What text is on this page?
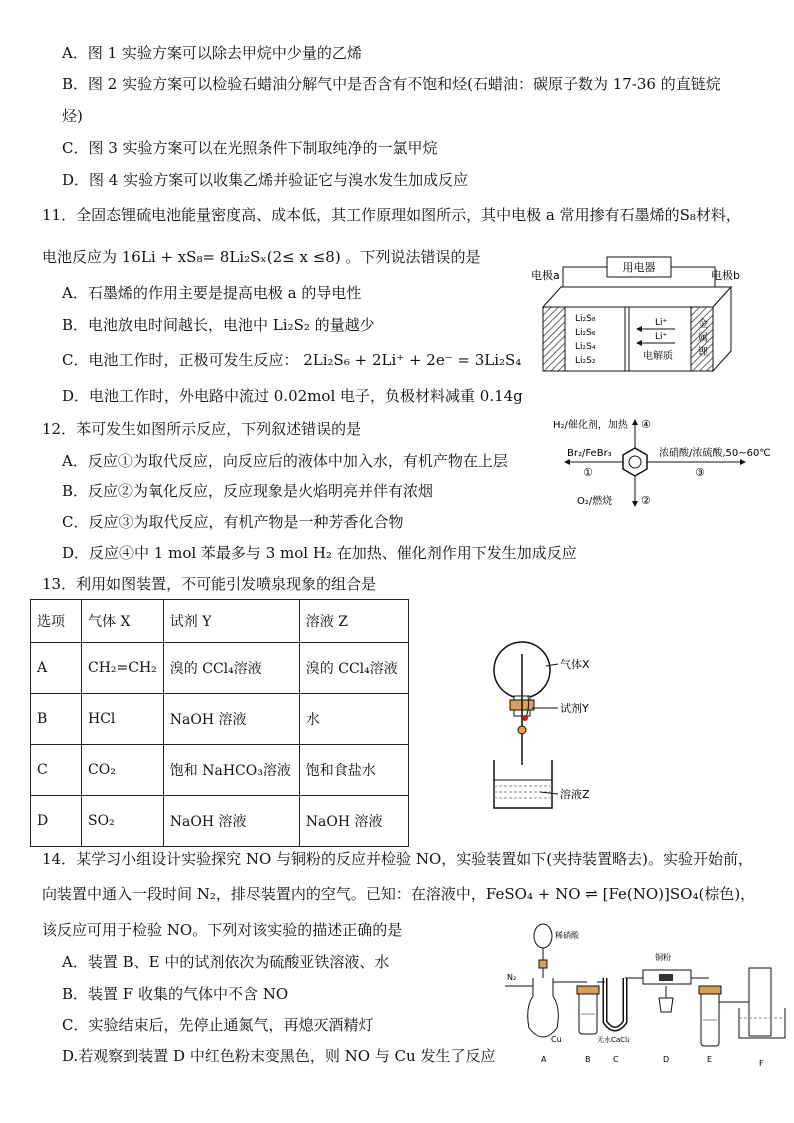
A．图 1 实验方案可以除去甲烷中少量的乙烯
B．图 2 实验方案可以检验石蜡油分解气中是否含有不饱和烃(石蜡油：碳原子数为 17-36 的直链烷
烃)
C．图 3 实验方案可以在光照条件下制取纯净的一氯甲烷
D．图 4 实验方案可以收集乙烯并验证它与溴水发生加成反应
11．全固态锂硫电池能量密度高、成本低，其工作原理如图所示，其中电极 a 常用掺有石墨烯的S₈材料，
电池反应为 16Li + xS₈= 8Li₂Sₓ(2≤ x ≤8) 。下列说法错误的是
A．石墨烯的作用主要是提高电极 a 的导电性
B．电池放电时间越长，电池中 Li₂S₂ 的量越少
C．电池工作时，正极可发生反应： 2Li₂S₆ + 2Li⁺ + 2e⁻ = 3Li₂S₄
D．电池工作时，外电路中流过 0.02mol 电子，负极材料减重 0.14g
用电器
电极a	电极b
Li₂S₈
Li₂S₆
Li₂S₄
Li₂S₂
Li⁺
Li⁺
电解质
金
属
锂
12．苯可发生如图所示反应，下列叙述错误的是
A．反应①为取代反应，向反应后的液体中加入水，有机产物在上层
B．反应②为氧化反应，反应现象是火焰明亮并伴有浓烟
C．反应③为取代反应，有机产物是一种芳香化合物
D．反应④中 1 mol 苯最多与 3 mol H₂ 在加热、催化剂作用下发生加成反应
H₂/催化剂，加热 ④
Br₂/FeBr₃
①
浓硝酸/浓硫酸,50~60℃
③
O₂/燃烧	②
13．利用如图装置，不可能引发喷泉现象的组合是
选项	气体 X	试剂 Y	溶液 Z
A	CH₂=CH₂	溴的 CCl₄溶液	溴的 CCl₄溶液
B	HCl	NaOH 溶液	水
C	CO₂	饱和 NaHCO₃溶液	饱和食盐水
D	SO₂	NaOH 溶液	NaOH 溶液
气体X
试剂Y
溶液Z
14．某学习小组设计实验探究 NO 与铜粉的反应并检验 NO，实验装置如下(夹持装置略去)。实验开始前，
向装置中通入一段时间 N₂，排尽装置内的空气。已知：在溶液中，FeSO₄ + NO ⇌ [Fe(NO)]SO₄(棕色)，
该反应可用于检验 NO。下列对该实验的描述正确的是
A．装置 B、E 中的试剂依次为硫酸亚铁溶液、水
B．装置 F 收集的气体中不含 NO
C．实验结束后，先停止通氮气，再熄灭酒精灯
D.若观察到装置 D 中红色粉末变黑色，则 NO 与 Cu 发生了反应
稀硝酸
N₂
Cu	无水CaCl₂
铜粉
A	B	C	D	E	F
